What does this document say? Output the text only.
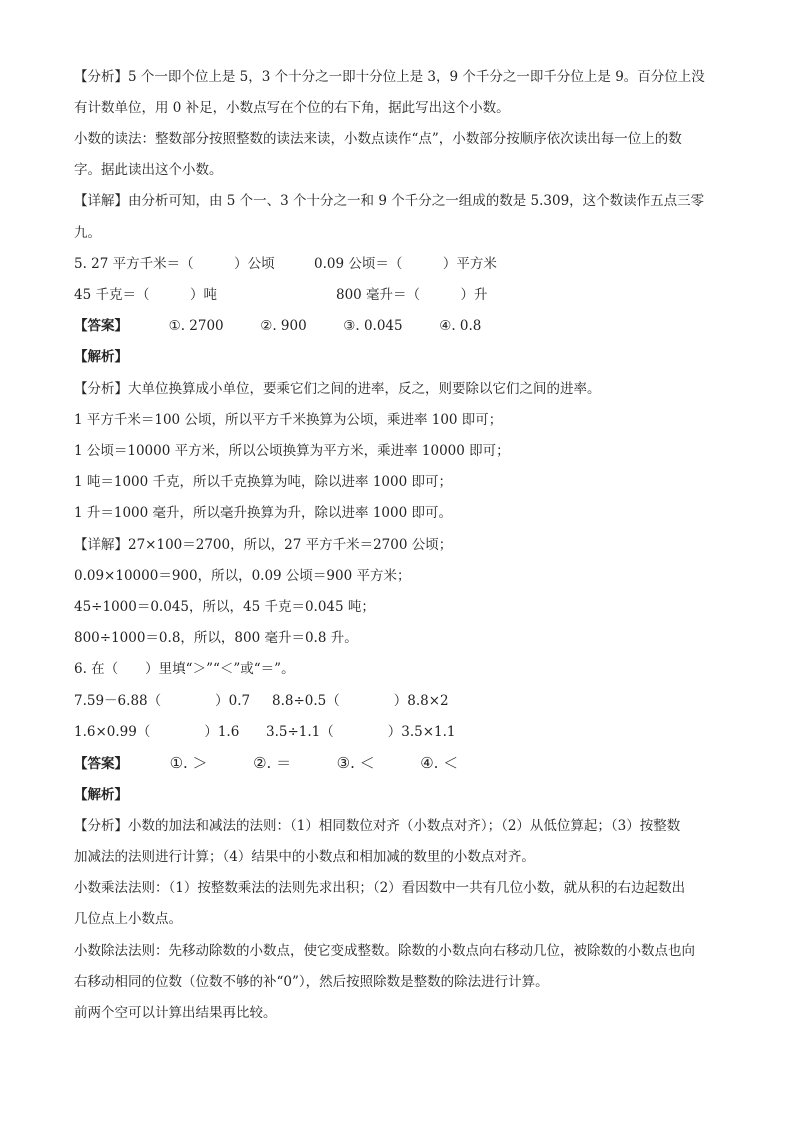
【分析】5 个一即个位上是 5，3 个十分之一即十分位上是 3，9 个千分之一即千分位上是 9。百分位上没
有计数单位，用 0 补足，小数点写在个位的右下角，据此写出这个小数。
小数的读法：整数部分按照整数的读法来读，小数点读作“点”，小数部分按顺序依次读出每一位上的数
字。据此读出这个小数。
【详解】由分析可知，由 5 个一、3 个十分之一和 9 个千分之一组成的数是 5.309，这个数读作五点三零
九。
5. 27 平方千米＝（　　　）公顷	0.09 公顷＝（　　　）平方米
45 千克＝（　　　）吨	800 毫升＝（　　　）升
【答案】	①. 2700	②. 900	③. 0.045	④. 0.8
【解析】
【分析】大单位换算成小单位，要乘它们之间的进率，反之，则要除以它们之间的进率。
1 平方千米＝100 公顷，所以平方千米换算为公顷，乘进率 100 即可；
1 公顷＝10000 平方米，所以公顷换算为平方米，乘进率 10000 即可；
1 吨＝1000 千克，所以千克换算为吨，除以进率 1000 即可；
1 升＝1000 毫升，所以毫升换算为升，除以进率 1000 即可。
【详解】27×100＝2700，所以，27 平方千米＝2700 公顷；
0.09×10000＝900，所以，0.09 公顷＝900 平方米；
45÷1000＝0.045，所以，45 千克＝0.045 吨；
800÷1000＝0.8，所以，800 毫升＝0.8 升。
6. 在（　　）里填“＞”“＜”或“＝”。
7.59－6.88（　　　　）0.7 8.8÷0.5（　　　　）8.8×2
1.6×0.99（　　　　）1.6 3.5÷1.1（　　　　）3.5×1.1
【答案】	①. ＞	②. ＝	③. ＜	④. ＜
【解析】
【分析】小数的加法和减法的法则：（1）相同数位对齐（小数点对齐）；（2）从低位算起；（3）按整数
加减法的法则进行计算；（4）结果中的小数点和相加减的数里的小数点对齐。
小数乘法法则：（1）按整数乘法的法则先求出积；（2）看因数中一共有几位小数，就从积的右边起数出
几位点上小数点。
小数除法法则：先移动除数的小数点，使它变成整数。除数的小数点向右移动几位，被除数的小数点也向
右移动相同的位数（位数不够的补“0”），然后按照除数是整数的除法进行计算。
前两个空可以计算出结果再比较。
